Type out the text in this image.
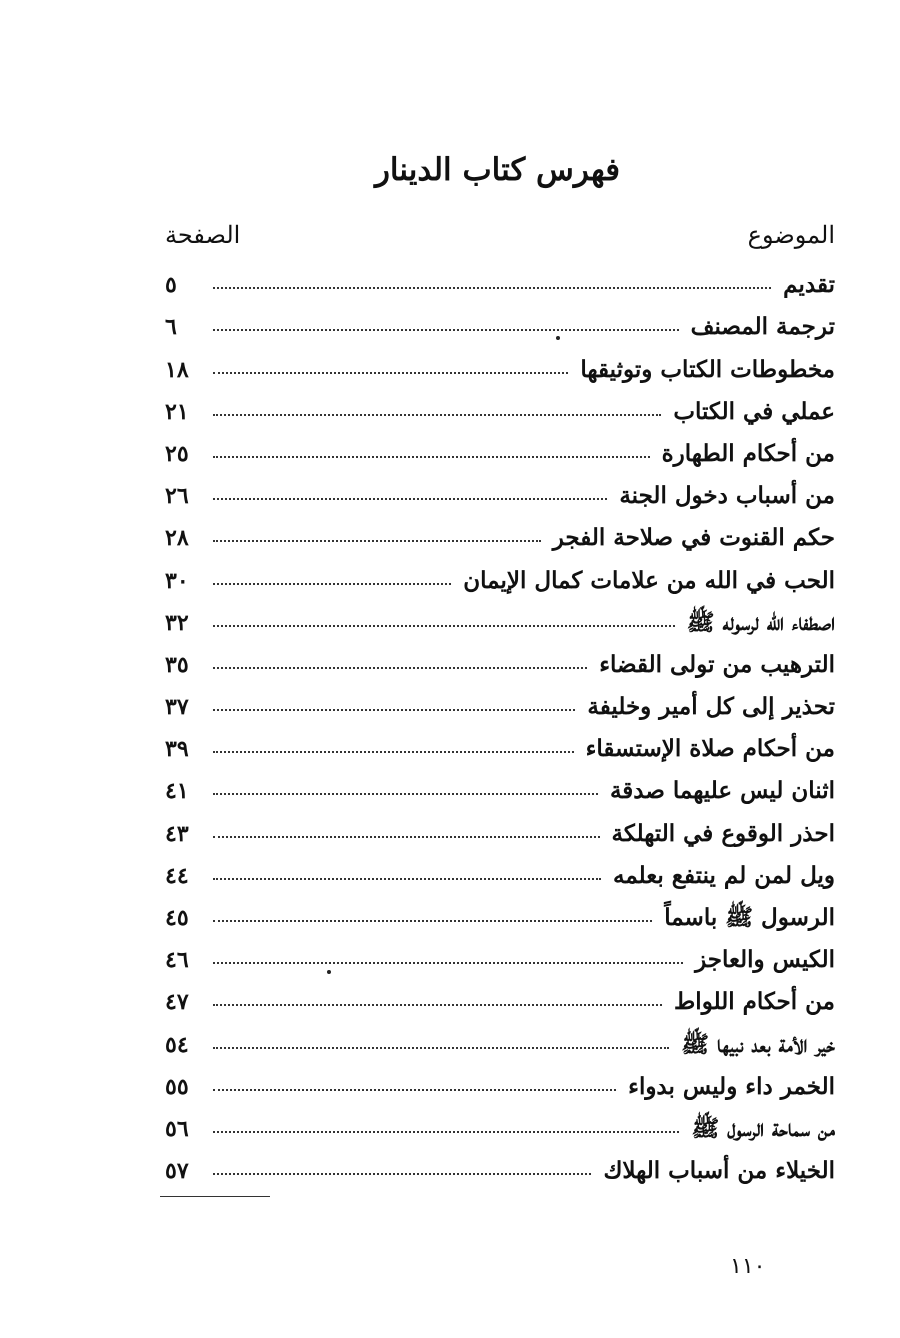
فهرس كتاب الدينار
الموضوع
الصفحة
تقديم
٥
ترجمة المصنف
٦
مخطوطات الكتاب وتوثيقها
١٨
عملي في الكتاب
٢١
من أحكام الطهارة
٢٥
من أسباب دخول الجنة
٢٦
حكم القنوت في صلاحة الفجر
٢٨
الحب في الله من علامات كمال الإيمان
٣٠
اصطفاء الله لرسوله ﷺ
٣٢
الترهيب من تولى القضاء
٣٥
تحذير إلى كل أمير وخليفة
٣٧
من أحكام صلاة الإستسقاء
٣٩
اثنان ليس عليهما صدقة
٤١
احذر الوقوع في التهلكة
٤٣
ويل لمن لم ينتفع بعلمه
٤٤
الرسول ﷺ باسماً
٤٥
الكيس والعاجز
٤٦
من أحكام اللواط
٤٧
خير الأمة بعد نبيها ﷺ
٥٤
الخمر داء وليس بدواء
٥٥
من سماحة الرسول ﷺ
٥٦
الخيلاء من أسباب الهلاك
٥٧
١١٠
